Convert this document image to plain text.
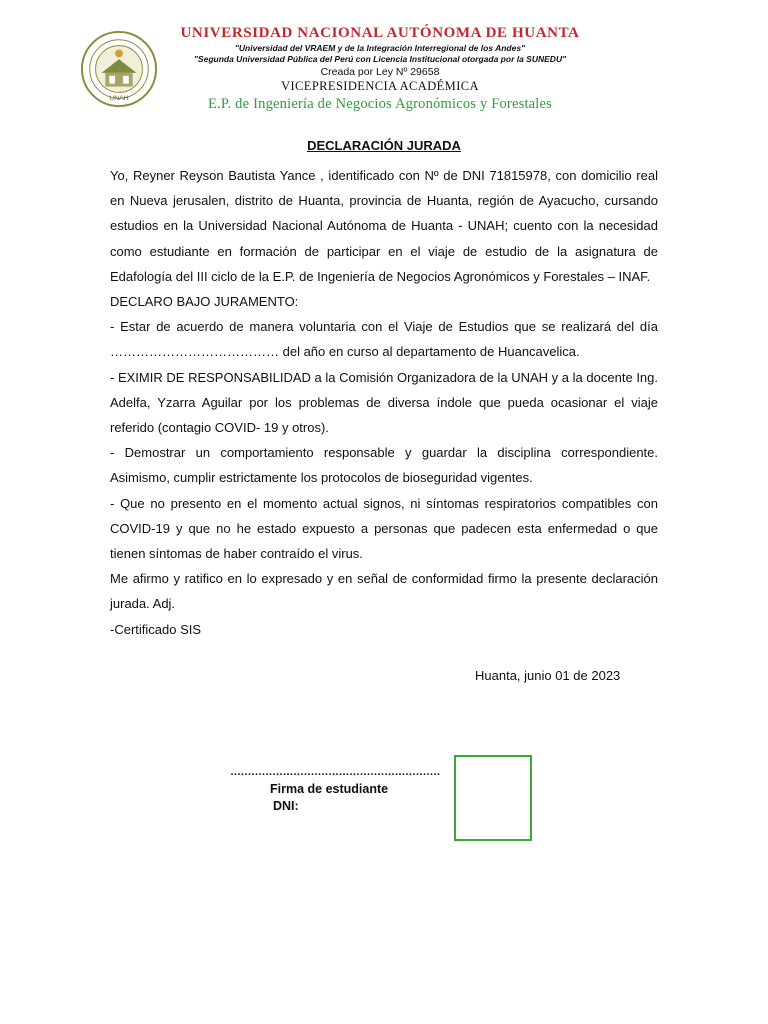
UNAH
UNIVERSIDAD NACIONAL AUTÓNOMA DE HUANTA
"Universidad del VRAEM y de la Integración Interregional de los Andes"
"Segunda Universidad Pública del Perú con Licencia Institucional otorgada por la SUNEDU"
Creada por Ley Nº 29658
VICEPRESIDENCIA ACADÉMICA
E.P. de Ingeniería de Negocios Agronómicos y Forestales
DECLARACIÓN JURADA

Yo, Reyner Reyson Bautista Yance , identificado con Nº de DNI 71815978, con domicilio real en Nueva jerusalen, distrito de Huanta, provincia de Huanta, región de Ayacucho, cursando estudios en la Universidad Nacional Autónoma de Huanta - UNAH; cuento con la necesidad como estudiante en formación de participar en el viaje de estudio de la asignatura de Edafología del III ciclo de la E.P. de Ingeniería de Negocios Agronómicos y Forestales – INAF.

DECLARO BAJO JURAMENTO:

- Estar de acuerdo de manera voluntaria con el Viaje de Estudios que se realizará del día ………………………………… del año en curso al departamento de Huancavelica.

- EXIMIR DE RESPONSABILIDAD a la Comisión Organizadora de la UNAH y a la docente Ing. Adelfa, Yzarra Aguilar por los problemas de diversa índole que pueda ocasionar el viaje referido (contagio COVID- 19 y otros).

- Demostrar un comportamiento responsable y guardar la disciplina correspondiente. Asimismo, cumplir estrictamente los protocolos de bioseguridad vigentes.

- Que no presento en el momento actual signos, ni síntomas respiratorios compatibles con COVID-19 y que no he estado expuesto a personas que padecen esta enfermedad o que tienen síntomas de haber contraído el virus.

Me afirmo y ratifico en lo expresado y en señal de conformidad firmo la presente declaración jurada. Adj.

-Certificado SIS

Huanta, junio 01 de 2023
……………………………………………………
Firma de estudiante
DNI:
